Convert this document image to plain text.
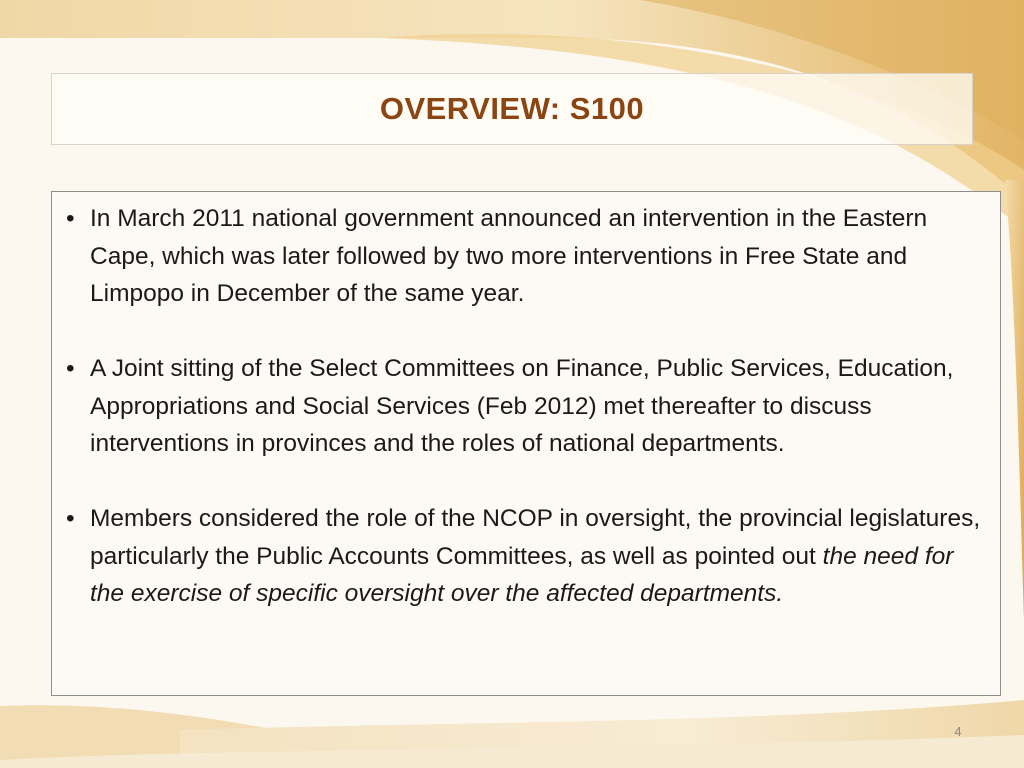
OVERVIEW: S100
• In March 2011 national government announced an intervention in the Eastern Cape, which was later followed by two more interventions in Free State and Limpopo in December of the same year.
• A Joint sitting of the Select Committees on Finance, Public Services, Education, Appropriations and Social Services (Feb 2012) met thereafter to discuss interventions in provinces and the roles of national departments.
• Members considered the role of the NCOP in oversight, the provincial legislatures, particularly the Public Accounts Committees, as well as pointed out the need for the exercise of specific oversight over the affected departments.
4
